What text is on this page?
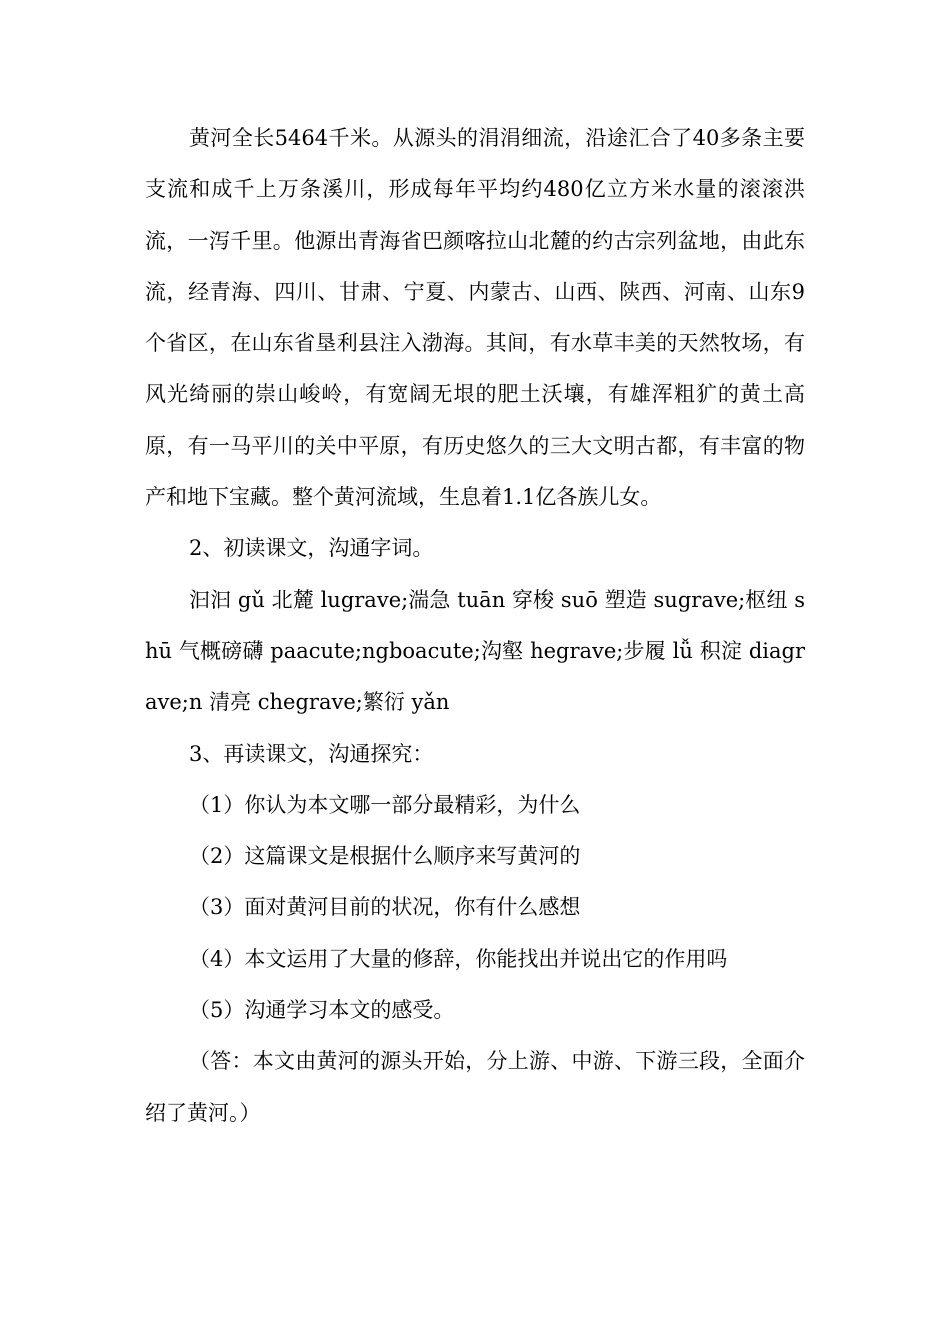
黄河全长5464千米。从源头的涓涓细流，沿途汇合了40多条主要支流和成千上万条溪川，形成每年平均约480亿立方米水量的滚滚洪流，一泻千里。他源出青海省巴颜喀拉山北麓的约古宗列盆地，由此东流，经青海、四川、甘肃、宁夏、内蒙古、山西、陕西、河南、山东9个省区，在山东省垦利县注入渤海。其间，有水草丰美的天然牧场，有风光绮丽的崇山峻岭，有宽阔无垠的肥土沃壤，有雄浑粗犷的黄土高原，有一马平川的关中平原，有历史悠久的三大文明古都，有丰富的物产和地下宝藏。整个黄河流域，生息着1.1亿各族儿女。

2、初读课文，沟通字词。

汩汩 gǔ 北麓 lugrave;湍急 tuān 穿梭 suō 塑造 sugrave;枢纽 shū 气概磅礴 paacute;ngboacute;沟壑 hegrave;步履 lǚ 积淀 diagrave;n 清亮 chegrave;繁衍 yǎn

3、再读课文，沟通探究：

（1）你认为本文哪一部分最精彩，为什么

（2）这篇课文是根据什么顺序来写黄河的

（3）面对黄河目前的状况，你有什么感想

（4）本文运用了大量的修辞，你能找出并说出它的作用吗

（5）沟通学习本文的感受。

（答：本文由黄河的源头开始，分上游、中游、下游三段，全面介绍了黄河。）
